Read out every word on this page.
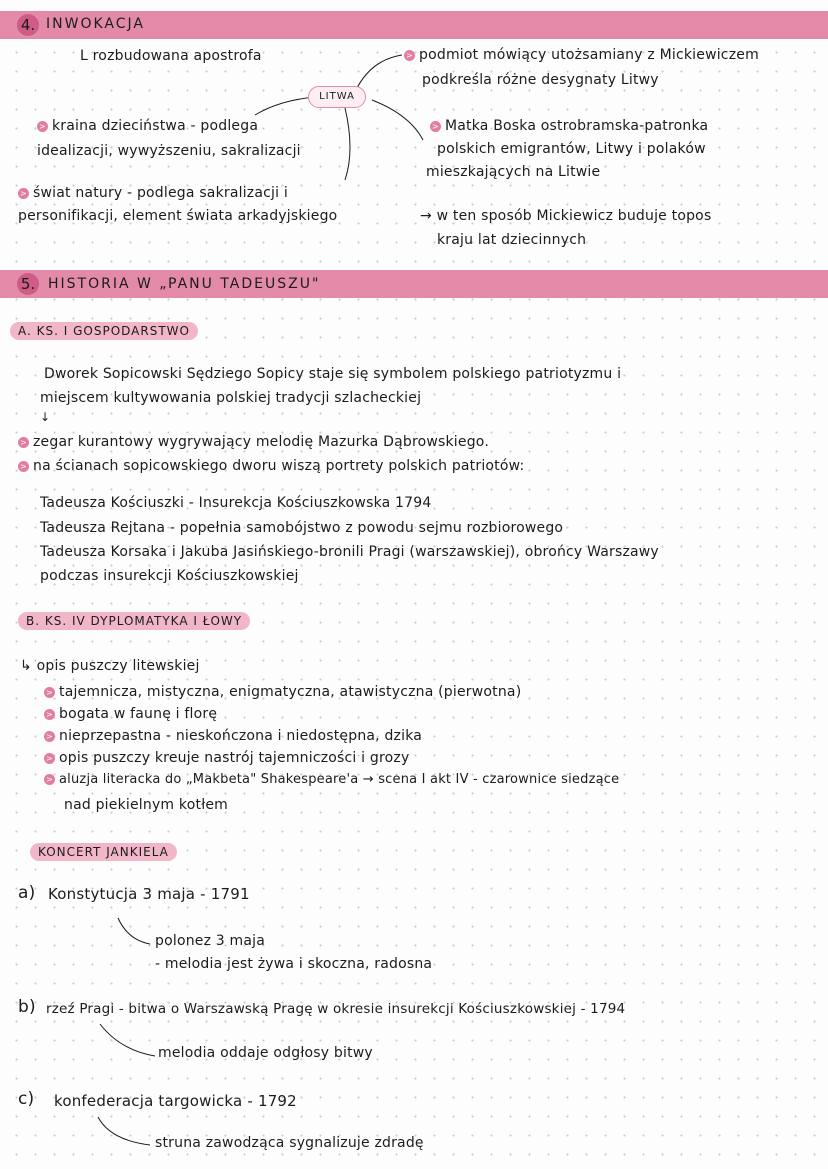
4. INWOKACJA
L rozbudowana apostrofa
LITWA
> podmiot mówiący utożsamiany z Mickiewiczem
podkreśla różne desygnaty Litwy
> Matka Boska ostrobramska-patronka
polskich emigrantów, Litwy i polaków
mieszkających na Litwie
> kraina dzieciństwa - podlega
idealizacji, wywyższeniu, sakralizacji
> świat natury - podlega sakralizacji i
personifikacji, element świata arkadyjskiego	→ w ten sposób Mickiewicz buduje topos
kraju lat dziecinnych
5. HISTORIA W „PANU TADEUSZU"
A. KS. I GOSPODARSTWO
Dworek Sopicowski Sędziego Sopicy staje się symbolem polskiego patriotyzmu i
miejscem kultywowania polskiej tradycji szlacheckiej
↓
> zegar kurantowy wygrywający melodię Mazurka Dąbrowskiego.
> na ścianach sopicowskiego dworu wiszą portrety polskich patriotów:
Tadeusza Kościuszki - Insurekcja Kościuszkowska 1794
Tadeusza Rejtana - popełnia samobójstwo z powodu sejmu rozbiorowego
Tadeusza Korsaka i Jakuba Jasińskiego-bronili Pragi (warszawskiej), obrońcy Warszawy
podczas insurekcji Kościuszkowskiej
B. KS. IV DYPLOMATYKA I ŁOWY
↳ opis puszczy litewskiej
> tajemnicza, mistyczna, enigmatyczna, atawistyczna (pierwotna)
> bogata w faunę i florę
> nieprzepastna - nieskończona i niedostępna, dzika
> opis puszczy kreuje nastrój tajemniczości i grozy
> aluzja literacka do „Makbeta" Shakespeare'a → scena I akt IV - czarownice siedzące
nad piekielnym kotłem
KONCERT JANKIELA
a) Konstytucja 3 maja - 1791
polonez 3 maja
- melodia jest żywa i skoczna, radosna
b) rzeź Pragi - bitwa o Warszawską Pragę w okresie insurekcji Kościuszkowskiej - 1794
melodia oddaje odgłosy bitwy
c) konfederacja targowicka - 1792
struna zawodząca sygnalizuje zdradę
